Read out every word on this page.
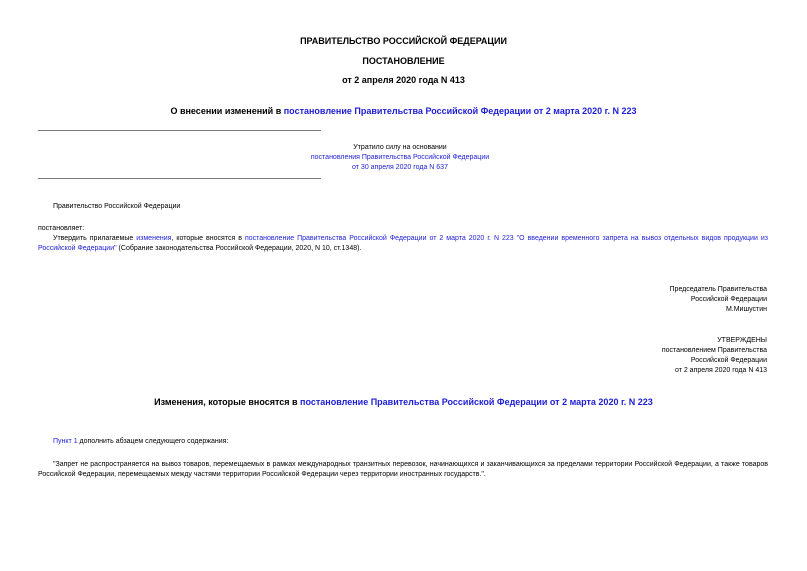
ПРАВИТЕЛЬСТВО РОССИЙСКОЙ ФЕДЕРАЦИИ
ПОСТАНОВЛЕНИЕ
от 2 апреля 2020 года N 413
О внесении изменений в постановление Правительства Российской Федерации от 2 марта 2020 г. N 223
Утратило силу на основании
постановления Правительства Российской Федерации
от 30 апреля 2020 года N 637
Правительство Российской Федерации
постановляет:
Утвердить прилагаемые изменения, которые вносятся в постановление Правительства Российской Федерации от 2 марта 2020 г. N 223 "О введении временного запрета на вывоз отдельных видов продукции из Российской Федерации" (Собрание законодательства Российской Федерации, 2020, N 10, ст.1348).
Председатель Правительства
Российской Федерации
М.Мишустин
УТВЕРЖДЕНЫ
постановлением Правительства
Российской Федерации
от 2 апреля 2020 года N 413
Изменения, которые вносятся в постановление Правительства Российской Федерации от 2 марта 2020 г. N 223
Пункт 1 дополнить абзацем следующего содержания:
"Запрет не распространяется на вывоз товаров, перемещаемых в рамках международных транзитных перевозок, начинающихся и заканчивающихся за пределами территории Российской Федерации, а также товаров Российской Федерации, перемещаемых между частями территории Российской Федерации через территории иностранных государств.".
